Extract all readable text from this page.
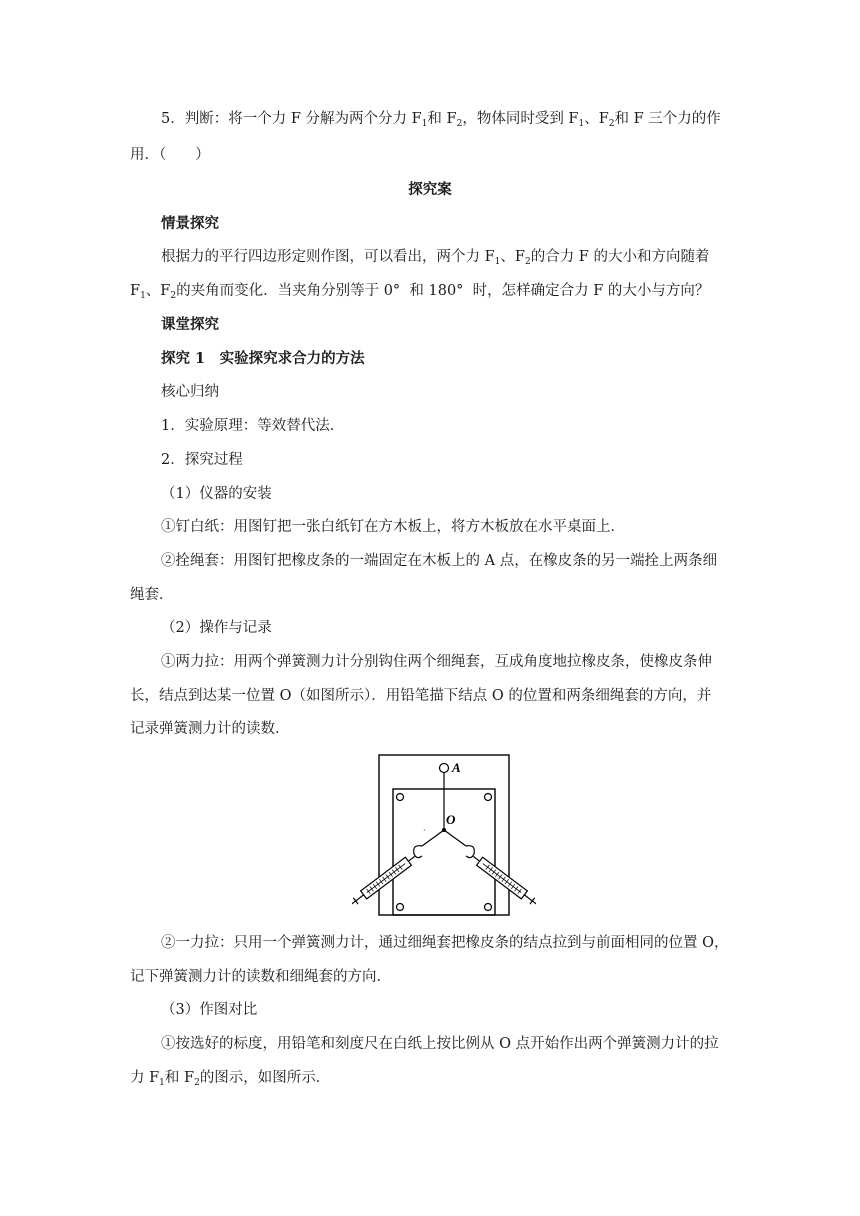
5．判断：将一个力 F 分解为两个分力 $F_1$和 $F_2$，物体同时受到 $F_1$、$F_2$和 F 三个力的作
用．（　　）
探究案
情景探究
根据力的平行四边形定则作图，可以看出，两个力 $F_1$、$F_2$的合力 F 的大小和方向随着
$F_1$、$F_2$的夹角而变化．当夹角分别等于 0°  和 180°  时，怎样确定合力 F 的大小与方向？
课堂探究
探究 1　实验探究求合力的方法
核心归纳
1．实验原理：等效替代法．
2．探究过程
（1）仪器的安装
①钉白纸：用图钉把一张白纸钉在方木板上，将方木板放在水平桌面上．
②拴绳套：用图钉把橡皮条的一端固定在木板上的 A 点，在橡皮条的另一端拴上两条细
绳套．
（2）操作与记录
①两力拉：用两个弹簧测力计分别钩住两个细绳套，互成角度地拉橡皮条，使橡皮条伸
长，结点到达某一位置 O（如图所示）．用铅笔描下结点 O 的位置和两条细绳套的方向，并
记录弹簧测力计的读数．
A
O
·
②一力拉：只用一个弹簧测力计，通过细绳套把橡皮条的结点拉到与前面相同的位置 O，
记下弹簧测力计的读数和细绳套的方向．
（3）作图对比
①按选好的标度，用铅笔和刻度尺在白纸上按比例从 O 点开始作出两个弹簧测力计的拉
力 $F_1$和 $F_2$的图示，如图所示．
